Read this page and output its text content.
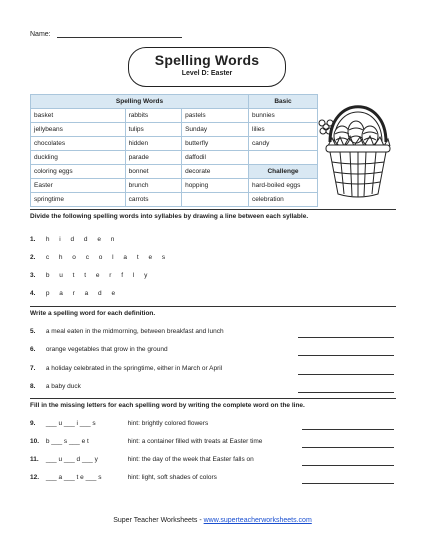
Name:
Spelling Words
Level D: Easter
Spelling Words			Basic
basket	rabbits	pastels	bunnies
jellybeans	tulips	Sunday	lilies
chocolates	hidden	butterfly	candy
duckling	parade	daffodil	
coloring eggs	bonnet	decorate	Challenge
Easter	brunch	hopping	hard-boiled eggs
springtime	carrots		celebration
Divide the following spelling words into syllables by drawing a line between each syllable.
1. h i d d e n
2. c h o c o l a t e s
3. b u t t e r f l y
4. p a r a d e
Write a spelling word for each definition.
5. a meal eaten in the midmorning, between breakfast and lunch
6. orange vegetables that grow in the ground
7. a holiday celebrated in the springtime, either in March or April
8. a baby duck
Fill in the missing letters for each spelling word by writing the complete word on the line.
9. ___ u ___ i ___ s	hint: brightly colored flowers
10. b ___ s ___ e t	hint: a container filled with treats at Easter time
11. ___ u ___ d ___ y	hint: the day of the week that Easter falls on
12. ___ a ___ t e ___ s	hint: light, soft shades of colors
Super Teacher Worksheets - www.superteacherworksheets.com
